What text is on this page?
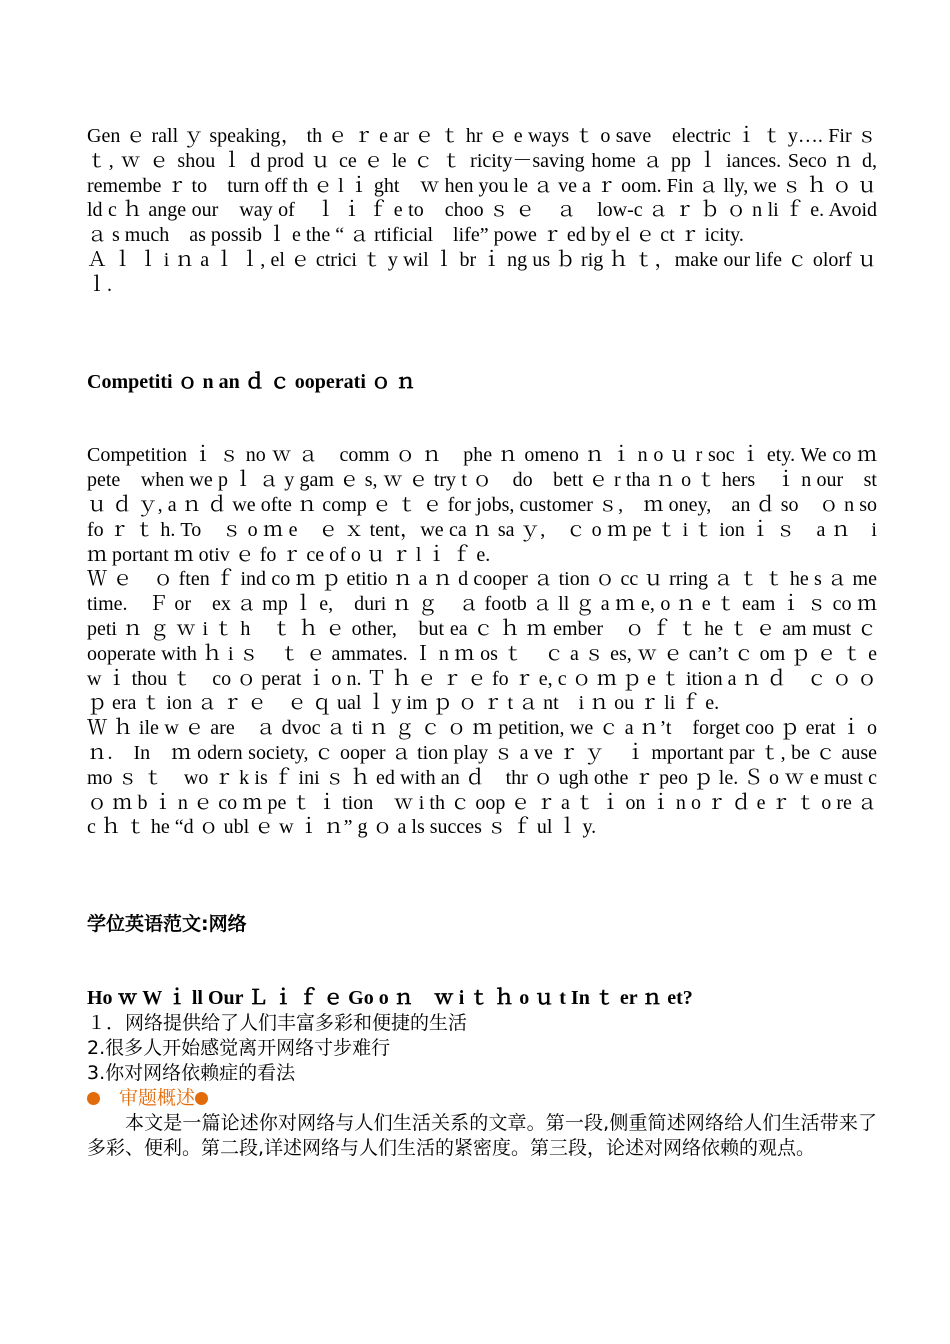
Gen ｅ rall ｙ speaking， th ｅ ｒ e ar ｅ ｔ hr ｅ e ways ｔ o save　electric ｉ ｔ y…. Fir ｓ ｔ, ｗ ｅ shou ｌ d prod ｕ ce ｅ le ｃ ｔ ricity－saving home ａ pp ｌ iances. Seco ｎ d, remembe ｒ to　turn off th ｅ l ｉ ght　ｗ hen you le ａ ve a ｒ oom. Fin ａ lly, we ｓ ｈ ｏ ｕ ld c ｈ ange our　way of　ｌ ｉ ｆ e to　choo ｓ ｅ　ａ　low-c ａ ｒ ｂ ｏ n li ｆ e. Avoid　ａ s much　as possib ｌ e the “ ａ rtificial　life” powe ｒ ed by el ｅ ct ｒ icity.

Ａ ｌ ｌ i ｎ a ｌ ｌ, el ｅ ctrici ｔ y wil ｌ br ｉ ng us ｂ rig ｈ ｔ，make our life ｃ olorf ｕ ｌ.

Competiti ｏ n an ｄ ｃ ooperati ｏ ｎ

Competition ｉ ｓ no ｗ ａ　comm ｏ ｎ　phe ｎ omeno ｎ ｉ n o ｕ r soc ｉ ety. We co ｍ pete　when we p ｌ ａ y gam ｅ s, ｗ ｅ try t ｏ　do　bett ｅ r tha ｎ o ｔ hers　ｉ n our　st ｕ ｄ ｙ, a ｎ ｄ we ofte ｎ comp ｅ ｔ ｅ for jobs, customer ｓ,　ｍ oney,　an ｄ so　ｏ n so fo ｒ ｔ h. To　ｓ o ｍ e　ｅ ｘ tent，we ca ｎ sa ｙ,　ｃ o ｍ pe ｔ i ｔ ion ｉ ｓ　a ｎ　i ｍ portant ｍ otiv ｅ fo ｒ ce of o ｕ ｒ l ｉ ｆ e.

Ｗ ｅ　ｏ ften ｆ ind co ｍ ｐ etitio ｎ a ｎ d cooper ａ tion ｏ cc ｕ rring ａ ｔ ｔ he s ａ me time.　Ｆ or　ex ａ mp ｌ e,　duri ｎ ｇ　ａ footb ａ ll ｇ a ｍ e, o ｎ e ｔ eam ｉ ｓ co ｍ peti ｎ ｇ ｗ i ｔ h　ｔ ｈ ｅ other,　but ea ｃ ｈ ｍ ember　ｏ ｆ ｔ he ｔ ｅ am must ｃ ooperate with ｈ i ｓ　ｔ ｅ ammates. Ｉ n ｍ os ｔ　ｃ a ｓ es, ｗ ｅ can’t ｃ om ｐ ｅ ｔ e w ｉ thou ｔ　co ｏ perat ｉ o n. Ｔ ｈ ｅ ｒ ｅ fo ｒ e, c ｏ ｍ ｐ e ｔ ition a ｎ ｄ　ｃ ｏ ｏ ｐ era ｔ ion ａ ｒ ｅ　ｅ ｑ ual ｌ y im ｐ ｏ ｒ t ａ nt　i ｎ ou ｒ li ｆ e.

Ｗ ｈ ile w ｅ are　ａ dvoc ａ ti ｎ ｇ ｃ ｏ ｍ petition, we ｃ a ｎ’t　forget coo ｐ erat ｉ o ｎ.　In　ｍ odern society, ｃ ooper ａ tion play ｓ a ve ｒ ｙ　ｉ mportant par ｔ, be ｃ ause mo ｓ ｔ　wo ｒ k is ｆ ini ｓ ｈ ed with an ｄ　thr ｏ ugh othe ｒ peo ｐ le. Ｓ o ｗ e must c ｏ ｍ b ｉ n ｅ co ｍ pe ｔ ｉ tion　ｗ i th ｃ oop ｅ ｒ a ｔ ｉ on ｉ n o ｒ ｄ e ｒ ｔ o re ａ c ｈ ｔ he “d ｏ ubl ｅ w ｉ ｎ” g ｏ a ls succes ｓ ｆ ul ｌ y.

学位英语范文:网络

Ho ｗ W ｉ ll Our Ｌ ｉ ｆ ｅ Go o ｎ　ｗ i ｔ ｈ o ｕ t In ｔ er ｎ et?

１．网络提供给了人们丰富多彩和便捷的生活

2.很多人开始感觉离开网络寸步难行

3.你对网络依赖症的看法

　审题概述

本文是一篇论述你对网络与人们生活关系的文章。第一段,侧重简述网络给人们生活带来了多彩、便利。第二段,详述网络与人们生活的紧密度。第三段，论述对网络依赖的观点。
